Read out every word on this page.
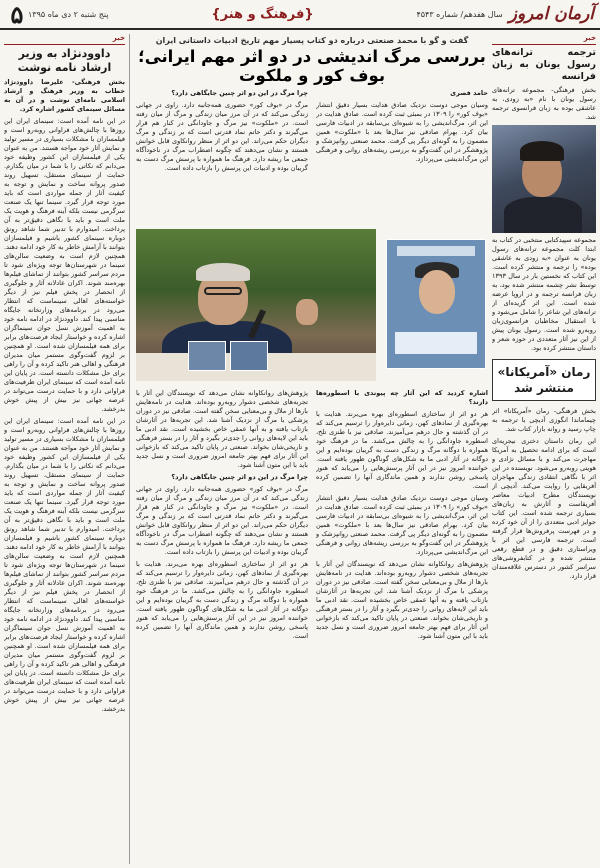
آرمان امروز
سال هفدهم/ شماره ۴۵۴۳
{فرهنگ و هنر}
پنج شنبه ۲ دی ماه ۱۳۹۵
۵
خبر
ترجمه ترانه‌های رسول یونان به زبان فرانسه

بخش فرهنگی- مجموعه ترانه‌های رسول یونان با نام «به زودی، به عاشقی بوده به زبان فرانسوی ترجمه شد.

مجموعه سپیدکتابی منتخبی در کتاب به ابتدا کلت مجموعه ترانه‌های رسول یونان به عنوان «به زودی به عاشقی بوده» را ترجمه و منتشر کرده است. این کتاب که نخستین بار در سال ۱۳۹۳ توسط نشر چشمه منتشر شده بود، به زبان فرانسه ترجمه و در اروپا عرضه شده است. این اثر گزیده‌ای از ترانه‌های این شاعر را شامل می‌شود و با استقبال مخاطبان فرانسوی‌زبان روبه‌رو شده است. رسول یونان پیش از این نیز آثار متعددی در حوزه شعر و داستان منتشر کرده بود.

رمان «آمریکانا» منتشر شد

بخش فرهنگی- رمان «آمریکانا» اثر چیماماندا انگوزی آدیچی با ترجمه به چاپ رسید و روانه بازار کتاب شد.

این رمان داستان دختری نیجریه‌ای است که برای ادامه تحصیل به آمریکا مهاجرت می‌کند و با مسائل نژادی و هویتی روبه‌رو می‌شود. نویسنده در این اثر با نگاهی انتقادی زندگی مهاجران آفریقایی را روایت می‌کند. آدیچی از نویسندگان مطرح ادبیات معاصر آفریقاست و آثارش به زبان‌های بسیاری ترجمه شده است. این کتاب جوایز ادبی متعددی را از آن خود کرده و در فهرست پرفروش‌ها قرار گرفته است. ترجمه فارسی این اثر با ویراستاری دقیق و در قطع رقعی منتشر شده و در کتابفروشی‌های سراسر کشور در دسترس علاقه‌مندان قرار دارد.

گفت و گو با محمد صنعتی درباره دو کتاب پسیار مهم تاریخ ادبیات داستانی ایران
بررسی مرگ اندیشی در دو اثر مهم ایرانی؛ بوف کور و ملکوت

حامد فصری

وسیان موجی دوست نزدیک صادق هدایت بسیار دقیق انتشار «بوف کور» را ۱۳۰۹ در بمبئی ثبت کرده است. صادق هدایت در این اثر، مرگ‌اندیشی را به شیوه‌ای بی‌سابقه در ادبیات فارسی بیان کرد. بهرام صادقی نیز سال‌ها بعد با «ملکوت» همین مضمون را به گونه‌ای دیگر پی گرفت. محمد صنعتی روانپزشک و پژوهشگر در این گفت‌وگو به بررسی ریشه‌های روانی و فرهنگی این مرگ‌اندیشی می‌پردازد.

چرا مرگ در این دو اثر چنین جایگاهی دارد؟

مرگ در «بوف کور» حضوری همه‌جانبه دارد. راوی در جهانی زندگی می‌کند که در آن مرز میان زندگی و مرگ از میان رفته است. در «ملکوت» نیز مرگ و جاودانگی در کنار هم قرار می‌گیرند و دکتر حاتم نماد قدرتی است که بر زندگی و مرگ دیگران حکم می‌راند. این دو اثر از منظر روانکاوی قابل خوانش هستند و نشان می‌دهند که چگونه اضطراب مرگ در ناخودآگاه جمعی ما ریشه دارد. فرهنگ ما همواره با پرسش مرگ دست به گریبان بوده و ادبیات این پرسش را بازتاب داده است.

اشاره کردید که این آثار چه پیوندی با اسطوره‌ها دارند؟

هر دو اثر از ساختاری اسطوره‌ای بهره می‌برند. هدایت با بهره‌گیری از نمادهای کهن، زمانی دایره‌وار را ترسیم می‌کند که در آن گذشته و حال درهم می‌آمیزند. صادقی نیز با طنزی تلخ، اسطوره جاودانگی را به چالش می‌کشد. ما در فرهنگ خود همواره با دوگانه مرگ و زندگی دست به گریبان بوده‌ایم و این دوگانه در آثار ادبی ما به شکل‌های گوناگون ظهور یافته است. خواننده امروز نیز در این آثار پرسش‌هایی را می‌یابد که هنوز پاسخی روشن ندارند و همین ماندگاری آنها را تضمین کرده است.

وسیان موجی دوست نزدیک صادق هدایت بسیار دقیق انتشار «بوف کور» را ۱۳۰۹ در بمبئی ثبت کرده است. صادق هدایت در این اثر، مرگ‌اندیشی را به شیوه‌ای بی‌سابقه در ادبیات فارسی بیان کرد. بهرام صادقی نیز سال‌ها بعد با «ملکوت» همین مضمون را به گونه‌ای دیگر پی گرفت. محمد صنعتی روانپزشک و پژوهشگر در این گفت‌وگو به بررسی ریشه‌های روانی و فرهنگی این مرگ‌اندیشی می‌پردازد.

پژوهش‌های روانکاوانه نشان می‌دهد که نویسندگان این آثار با تجربه‌های شخصی دشوار روبه‌رو بوده‌اند. هدایت در نامه‌هایش بارها از ملال و بی‌معنایی سخن گفته است. صادقی نیز در دوران پزشکی با مرگ از نزدیک آشنا شد. این تجربه‌ها در آثارشان بازتاب یافته و به آنها عمقی خاص بخشیده است. نقد ادبی ما باید این لایه‌های روانی را جدی‌تر بگیرد و آثار را در بستر فرهنگی و تاریخی‌شان بخواند. صنعتی در پایان تاکید می‌کند که بازخوانی این آثار برای فهم بهتر جامعه امروز ضروری است و نسل جدید باید با این متون آشنا شود.

پژوهش‌های روانکاوانه نشان می‌دهد که نویسندگان این آثار با تجربه‌های شخصی دشوار روبه‌رو بوده‌اند. هدایت در نامه‌هایش بارها از ملال و بی‌معنایی سخن گفته است. صادقی نیز در دوران پزشکی با مرگ از نزدیک آشنا شد. این تجربه‌ها در آثارشان بازتاب یافته و به آنها عمقی خاص بخشیده است. نقد ادبی ما باید این لایه‌های روانی را جدی‌تر بگیرد و آثار را در بستر فرهنگی و تاریخی‌شان بخواند. صنعتی در پایان تاکید می‌کند که بازخوانی این آثار برای فهم بهتر جامعه امروز ضروری است و نسل جدید باید با این متون آشنا شود.

چرا مرگ در این دو اثر چنین جایگاهی دارد؟

مرگ در «بوف کور» حضوری همه‌جانبه دارد. راوی در جهانی زندگی می‌کند که در آن مرز میان زندگی و مرگ از میان رفته است. در «ملکوت» نیز مرگ و جاودانگی در کنار هم قرار می‌گیرند و دکتر حاتم نماد قدرتی است که بر زندگی و مرگ دیگران حکم می‌راند. این دو اثر از منظر روانکاوی قابل خوانش هستند و نشان می‌دهند که چگونه اضطراب مرگ در ناخودآگاه جمعی ما ریشه دارد. فرهنگ ما همواره با پرسش مرگ دست به گریبان بوده و ادبیات این پرسش را بازتاب داده است.

هر دو اثر از ساختاری اسطوره‌ای بهره می‌برند. هدایت با بهره‌گیری از نمادهای کهن، زمانی دایره‌وار را ترسیم می‌کند که در آن گذشته و حال درهم می‌آمیزند. صادقی نیز با طنزی تلخ، اسطوره جاودانگی را به چالش می‌کشد. ما در فرهنگ خود همواره با دوگانه مرگ و زندگی دست به گریبان بوده‌ایم و این دوگانه در آثار ادبی ما به شکل‌های گوناگون ظهور یافته است. خواننده امروز نیز در این آثار پرسش‌هایی را می‌یابد که هنوز پاسخی روشن ندارند و همین ماندگاری آنها را تضمین کرده است.

خبر
داوودنژاد به وزیر ارشاد نامه نوشت

بخش فرهنگی- علیرضا داوودنژاد خطاب به وزیر فرهنگ و ارشاد اسلامی نامه‌ای نوشت و در آن به مسائل سینمای کشور اشاره کرد.

در این نامه آمده است: سینمای ایران این روزها با چالش‌های فراوانی روبه‌رو است و فیلمسازان با مشکلات بسیاری در مسیر تولید و نمایش آثار خود مواجه هستند. من به عنوان یکی از فیلمسازان این کشور وظیفه خود می‌دانم که نکاتی را با شما در میان بگذارم. حمایت از سینمای مستقل، تسهیل روند صدور پروانه ساخت و نمایش و توجه به کیفیت آثار از جمله مواردی است که باید مورد توجه قرار گیرد. سینما تنها یک صنعت سرگرمی نیست بلکه آینه فرهنگ و هویت یک ملت است و باید با نگاهی دقیق‌تر به آن پرداخت. امیدوارم با تدبیر شما شاهد رونق دوباره سینمای کشور باشیم و فیلمسازان بتوانند با آرامش خاطر به کار خود ادامه دهند. همچنین لازم است به وضعیت سالن‌های سینما در شهرستان‌ها توجه ویژه‌ای شود تا مردم سراسر کشور بتوانند از تماشای فیلم‌ها بهره‌مند شوند. اکران عادلانه آثار و جلوگیری از انحصار در پخش فیلم نیز از دیگر خواسته‌های اهالی سینماست که انتظار می‌رود در برنامه‌های وزارتخانه جایگاه مناسبی پیدا کند. داوودنژاد در ادامه نامه خود به اهمیت آموزش نسل جوان سینماگران اشاره کرده و خواستار ایجاد فرصت‌های برابر برای همه فیلمسازان شده است. او همچنین بر لزوم گفت‌وگوی مستمر میان مدیران فرهنگی و اهالی هنر تاکید کرده و آن را راهی برای حل مشکلات دانسته است. در پایان این نامه آمده است که سینمای ایران ظرفیت‌های فراوانی دارد و با حمایت درست می‌تواند در عرصه جهانی نیز بیش از پیش خوش بدرخشد.

در این نامه آمده است: سینمای ایران این روزها با چالش‌های فراوانی روبه‌رو است و فیلمسازان با مشکلات بسیاری در مسیر تولید و نمایش آثار خود مواجه هستند. من به عنوان یکی از فیلمسازان این کشور وظیفه خود می‌دانم که نکاتی را با شما در میان بگذارم. حمایت از سینمای مستقل، تسهیل روند صدور پروانه ساخت و نمایش و توجه به کیفیت آثار از جمله مواردی است که باید مورد توجه قرار گیرد. سینما تنها یک صنعت سرگرمی نیست بلکه آینه فرهنگ و هویت یک ملت است و باید با نگاهی دقیق‌تر به آن پرداخت. امیدوارم با تدبیر شما شاهد رونق دوباره سینمای کشور باشیم و فیلمسازان بتوانند با آرامش خاطر به کار خود ادامه دهند. همچنین لازم است به وضعیت سالن‌های سینما در شهرستان‌ها توجه ویژه‌ای شود تا مردم سراسر کشور بتوانند از تماشای فیلم‌ها بهره‌مند شوند. اکران عادلانه آثار و جلوگیری از انحصار در پخش فیلم نیز از دیگر خواسته‌های اهالی سینماست که انتظار می‌رود در برنامه‌های وزارتخانه جایگاه مناسبی پیدا کند. داوودنژاد در ادامه نامه خود به اهمیت آموزش نسل جوان سینماگران اشاره کرده و خواستار ایجاد فرصت‌های برابر برای همه فیلمسازان شده است. او همچنین بر لزوم گفت‌وگوی مستمر میان مدیران فرهنگی و اهالی هنر تاکید کرده و آن را راهی برای حل مشکلات دانسته است. در پایان این نامه آمده است که سینمای ایران ظرفیت‌های فراوانی دارد و با حمایت درست می‌تواند در عرصه جهانی نیز بیش از پیش خوش بدرخشد.
